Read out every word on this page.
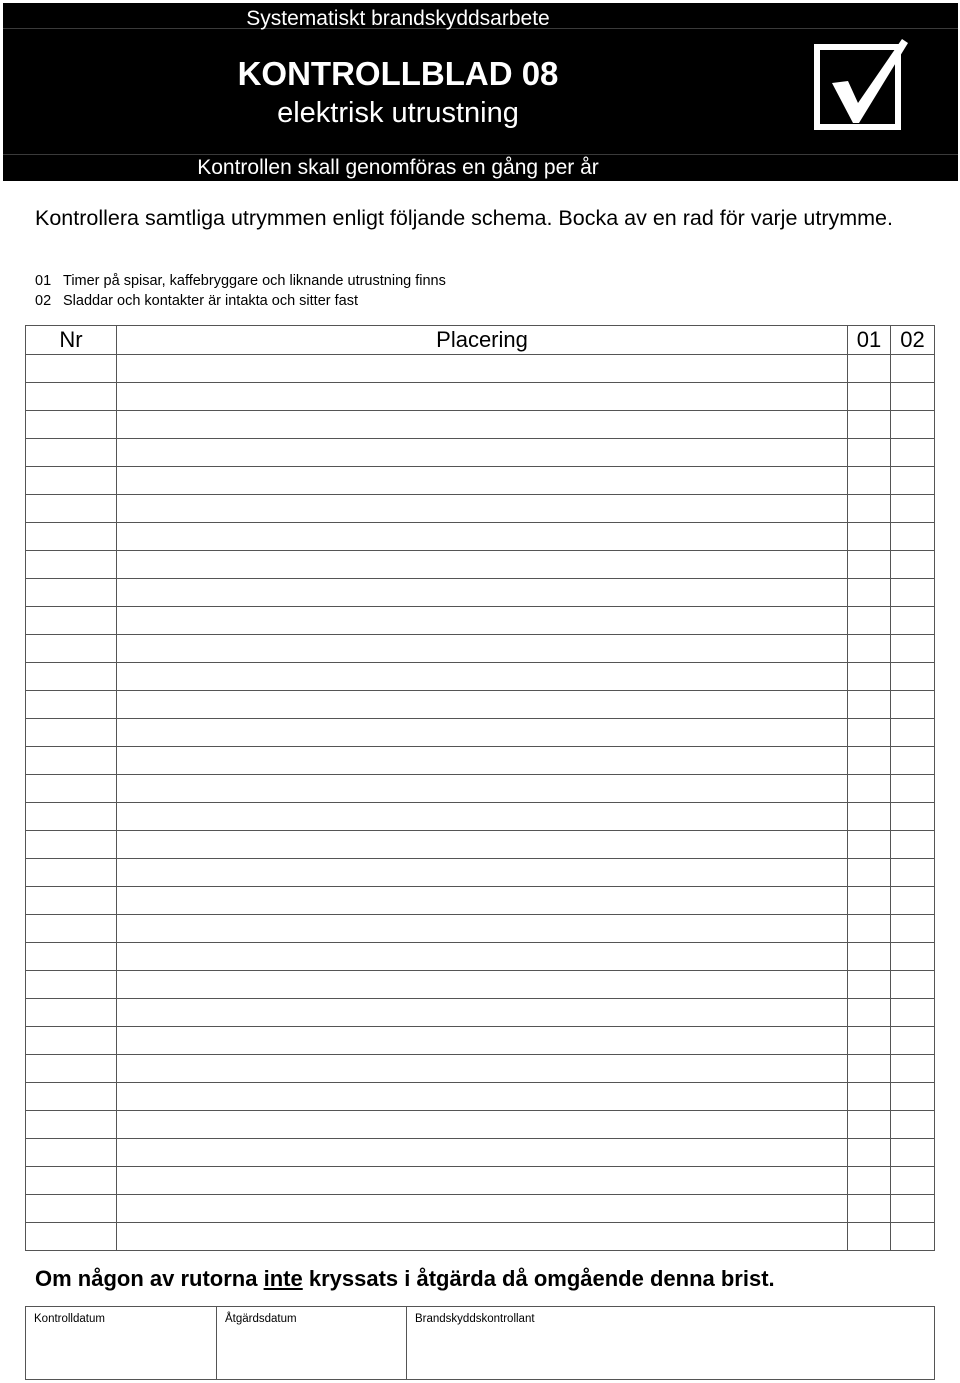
Systematiskt brandskyddsarbete
KONTROLLBLAD 08
elektrisk utrustning
Kontrollen skall genomföras en gång per år
Kontrollera samtliga utrymmen enligt följande schema. Bocka av en rad för varje utrymme.
01 Timer på spisar, kaffebryggare och liknande utrustning finns
02 Sladdar och kontakter är intakta och sitter fast
Nr	Placering	01	02

Om någon av rutorna inte kryssats i åtgärda då omgående denna brist.
Kontrolldatum	Åtgärdsdatum	Brandskyddskontrollant
